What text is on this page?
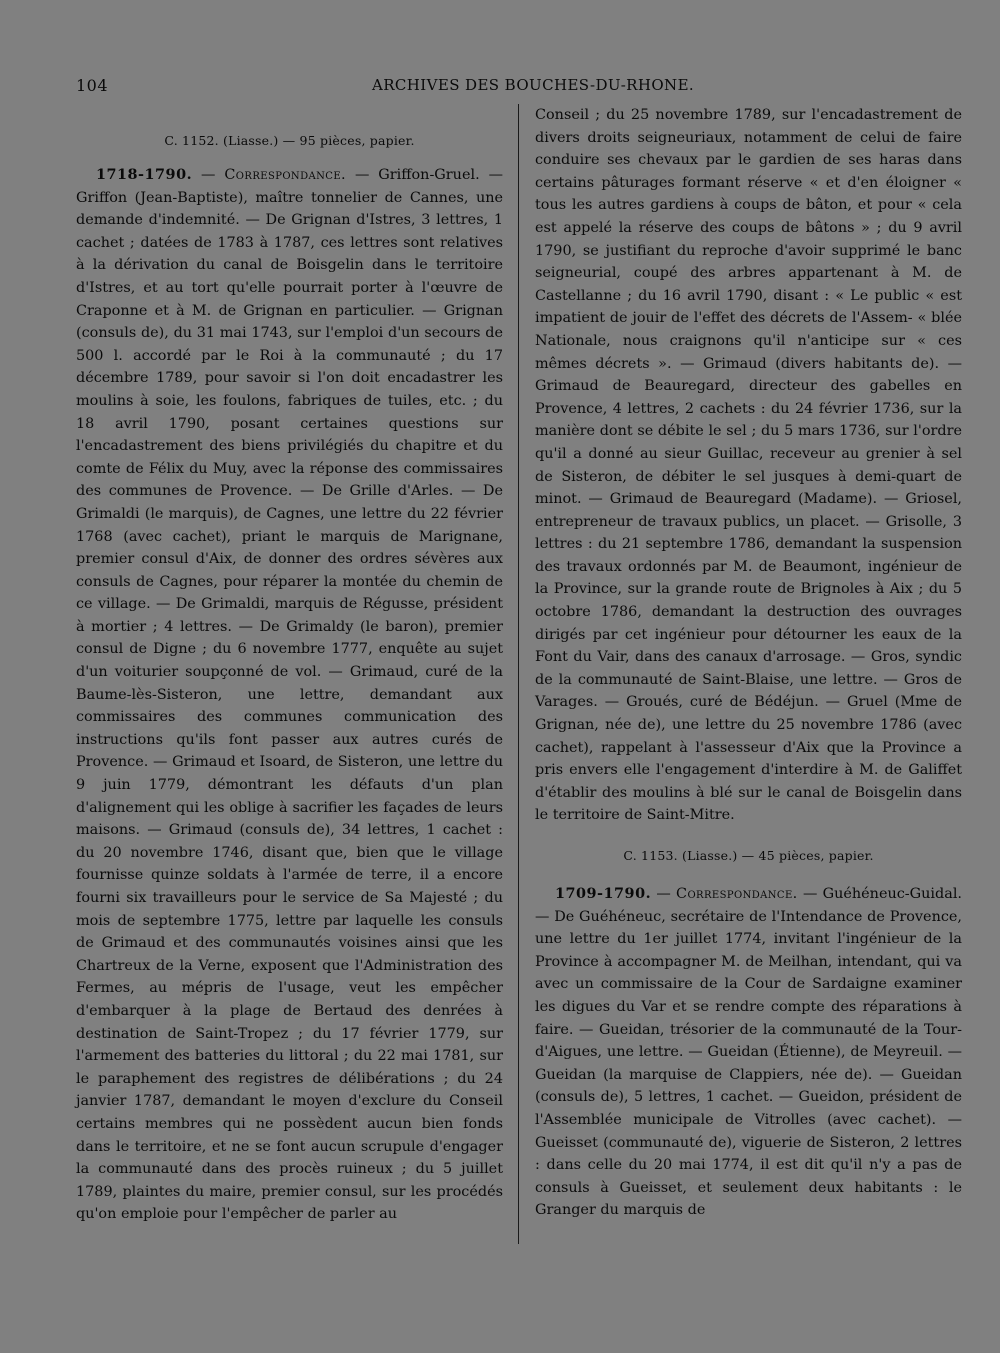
104	ARCHIVES DES BOUCHES-DU-RHONE.

C. 1152. (Liasse.) — 95 pièces, papier.

1718-1790. — Correspondance. — Griffon-Gruel. — Griffon (Jean-Baptiste), maître tonnelier de Cannes, une demande d'indemnité. — De Grignan d'Istres, 3 lettres, 1 cachet ; datées de 1783 à 1787, ces lettres sont relatives à la dérivation du canal de Boisgelin dans le territoire d'Istres, et au tort qu'elle pourrait porter à l'œuvre de Craponne et à M. de Grignan en particulier. — Grignan (consuls de), du 31 mai 1743, sur l'emploi d'un secours de 500 l. accordé par le Roi à la communauté ; du 17 décembre 1789, pour savoir si l'on doit encadastrer les moulins à soie, les foulons, fabriques de tuiles, etc. ; du 18 avril 1790, posant certaines questions sur l'encadastrement des biens privilégiés du chapitre et du comte de Félix du Muy, avec la réponse des commissaires des communes de Provence. — De Grille d'Arles. — De Grimaldi (le marquis), de Cagnes, une lettre du 22 février 1768 (avec cachet), priant le marquis de Marignane, premier consul d'Aix, de donner des ordres sévères aux consuls de Cagnes, pour réparer la montée du chemin de ce village. — De Grimaldi, marquis de Régusse, président à mortier ; 4 lettres. — De Grimaldy (le baron), premier consul de Digne ; du 6 novembre 1777, enquête au sujet d'un voiturier soupçonné de vol. — Grimaud, curé de la Baume-lès-Sisteron, une lettre, demandant aux commissaires des communes communication des instructions qu'ils font passer aux autres curés de Provence. — Grimaud et Isoard, de Sisteron, une lettre du 9 juin 1779, démontrant les défauts d'un plan d'alignement qui les oblige à sacrifier les façades de leurs maisons. — Grimaud (consuls de), 34 lettres, 1 cachet : du 20 novembre 1746, disant que, bien que le village fournisse quinze soldats à l'armée de terre, il a encore fourni six travailleurs pour le service de Sa Majesté ; du mois de septembre 1775, lettre par laquelle les consuls de Grimaud et des communautés voisines ainsi que les Chartreux de la Verne, exposent que l'Administration des Fermes, au mépris de l'usage, veut les empêcher d'embarquer à la plage de Bertaud des denrées à destination de Saint-Tropez ; du 17 février 1779, sur l'armement des batteries du littoral ; du 22 mai 1781, sur le paraphement des registres de délibérations ; du 24 janvier 1787, demandant le moyen d'exclure du Conseil certains membres qui ne possèdent aucun bien fonds dans le territoire, et ne se font aucun scrupule d'engager la communauté dans des procès ruineux ; du 5 juillet 1789, plaintes du maire, premier consul, sur les procédés qu'on emploie pour l'empêcher de parler au

Conseil ; du 25 novembre 1789, sur l'encadastrement de divers droits seigneuriaux, notamment de celui de faire conduire ses chevaux par le gardien de ses haras dans certains pâturages formant réserve « et d'en éloigner « tous les autres gardiens à coups de bâton, et pour « cela est appelé la réserve des coups de bâtons » ; du 9 avril 1790, se justifiant du reproche d'avoir supprimé le banc seigneurial, coupé des arbres appartenant à M. de Castellanne ; du 16 avril 1790, disant : « Le public « est impatient de jouir de l'effet des décrets de l'Assem- « blée Nationale, nous craignons qu'il n'anticipe sur « ces mêmes décrets ». — Grimaud (divers habitants de). — Grimaud de Beauregard, directeur des gabelles en Provence, 4 lettres, 2 cachets : du 24 février 1736, sur la manière dont se débite le sel ; du 5 mars 1736, sur l'ordre qu'il a donné au sieur Guillac, receveur au grenier à sel de Sisteron, de débiter le sel jusques à demi-quart de minot. — Grimaud de Beauregard (Madame). — Griosel, entrepreneur de travaux publics, un placet. — Grisolle, 3 lettres : du 21 septembre 1786, demandant la suspension des travaux ordonnés par M. de Beaumont, ingénieur de la Province, sur la grande route de Brignoles à Aix ; du 5 octobre 1786, demandant la destruction des ouvrages dirigés par cet ingénieur pour détourner les eaux de la Font du Vair, dans des canaux d'arrosage. — Gros, syndic de la communauté de Saint-Blaise, une lettre. — Gros de Varages. — Groués, curé de Bédéjun. — Gruel (Mme de Grignan, née de), une lettre du 25 novembre 1786 (avec cachet), rappelant à l'assesseur d'Aix que la Province a pris envers elle l'engagement d'interdire à M. de Galiffet d'établir des moulins à blé sur le canal de Boisgelin dans le territoire de Saint-Mitre.

C. 1153. (Liasse.) — 45 pièces, papier.

1709-1790. — Correspondance. — Guéhéneuc-Guidal. — De Guéhéneuc, secrétaire de l'Intendance de Provence, une lettre du 1er juillet 1774, invitant l'ingénieur de la Province à accompagner M. de Meilhan, intendant, qui va avec un commissaire de la Cour de Sardaigne examiner les digues du Var et se rendre compte des réparations à faire. — Gueidan, trésorier de la communauté de la Tour-d'Aigues, une lettre. — Gueidan (Étienne), de Meyreuil. — Gueidan (la marquise de Clappiers, née de). — Gueidan (consuls de), 5 lettres, 1 cachet. — Gueidon, président de l'Assemblée municipale de Vitrolles (avec cachet). — Gueisset (communauté de), viguerie de Sisteron, 2 lettres : dans celle du 20 mai 1774, il est dit qu'il n'y a pas de consuls à Gueisset, et seulement deux habitants : le Granger du marquis de
